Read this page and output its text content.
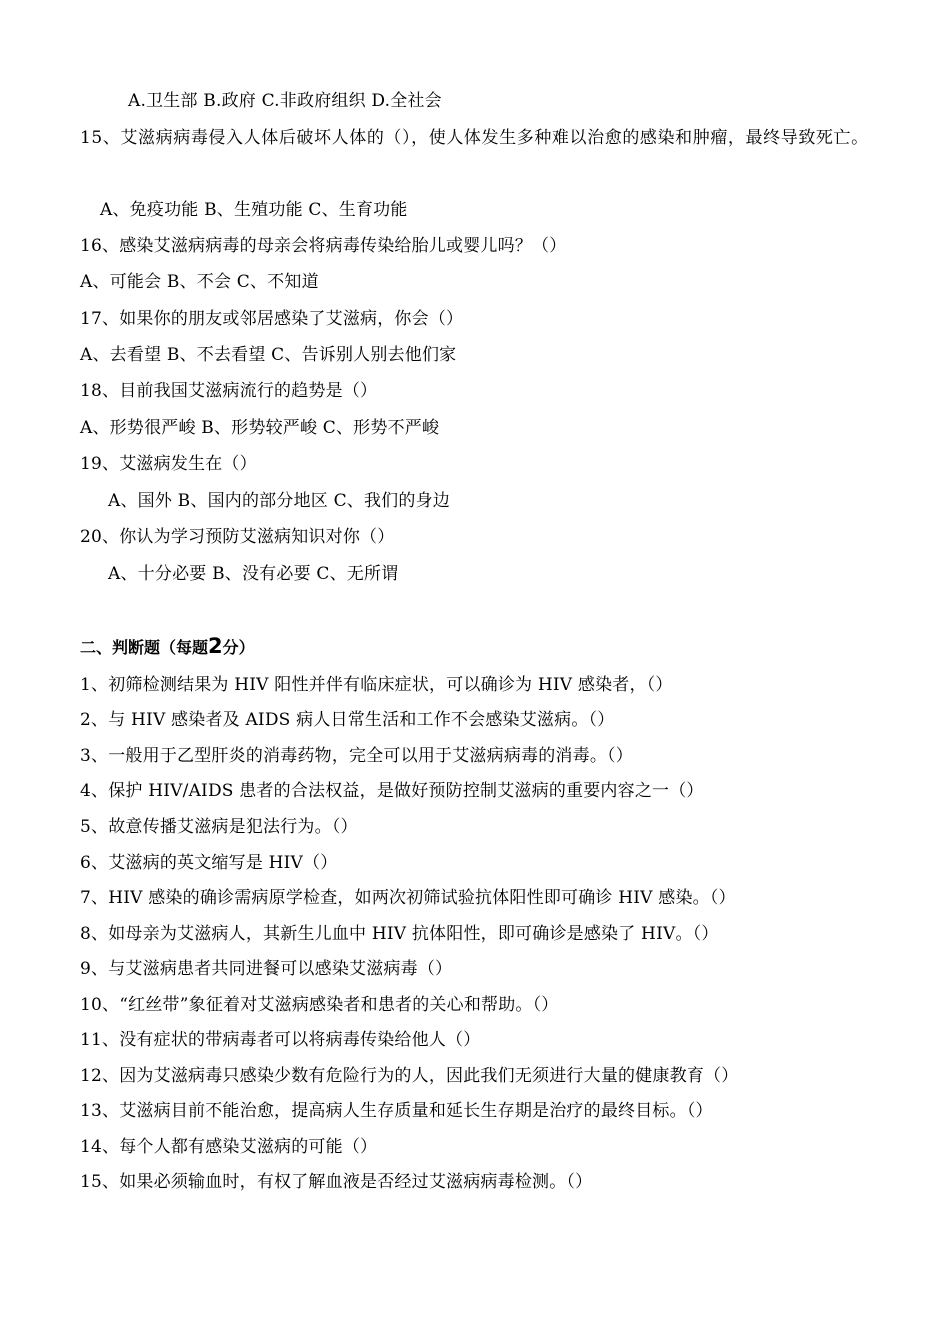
A.卫生部 B.政府 C.非政府组织 D.全社会

15、艾滋病病毒侵入人体后破坏人体的（），使人体发生多种难以治愈的感染和肿瘤，最终导致死亡。

A、免疫功能 B、生殖功能 C、生育功能

16、感染艾滋病病毒的母亲会将病毒传染给胎儿或婴儿吗？（）

A、可能会 B、不会 C、不知道

17、如果你的朋友或邻居感染了艾滋病，你会（）

A、去看望 B、不去看望 C、告诉别人别去他们家

18、目前我国艾滋病流行的趋势是（）

A、形势很严峻 B、形势较严峻 C、形势不严峻

19、艾滋病发生在（）

A、国外 B、国内的部分地区 C、我们的身边

20、你认为学习预防艾滋病知识对你（）

A、十分必要 B、没有必要 C、无所谓

二、判断题（每题2分）

1、初筛检测结果为 HIV 阳性并伴有临床症状，可以确诊为 HIV 感染者，（）

2、与 HIV 感染者及 AIDS 病人日常生活和工作不会感染艾滋病。（）

3、一般用于乙型肝炎的消毒药物，完全可以用于艾滋病病毒的消毒。（）

4、保护 HIV/AIDS 患者的合法权益，是做好预防控制艾滋病的重要内容之一（）

5、故意传播艾滋病是犯法行为。（）

6、艾滋病的英文缩写是 HIV（）

7、HIV 感染的确诊需病原学检查，如两次初筛试验抗体阳性即可确诊 HIV 感染。（）

8、如母亲为艾滋病人，其新生儿血中 HIV 抗体阳性，即可确诊是感染了 HIV。（）

9、与艾滋病患者共同进餐可以感染艾滋病毒（）

10、“红丝带”象征着对艾滋病感染者和患者的关心和帮助。（）

11、没有症状的带病毒者可以将病毒传染给他人（）

12、因为艾滋病毒只感染少数有危险行为的人，因此我们无须进行大量的健康教育（）

13、艾滋病目前不能治愈，提高病人生存质量和延长生存期是治疗的最终目标。（）

14、每个人都有感染艾滋病的可能（）

15、如果必须输血时，有权了解血液是否经过艾滋病病毒检测。（）
